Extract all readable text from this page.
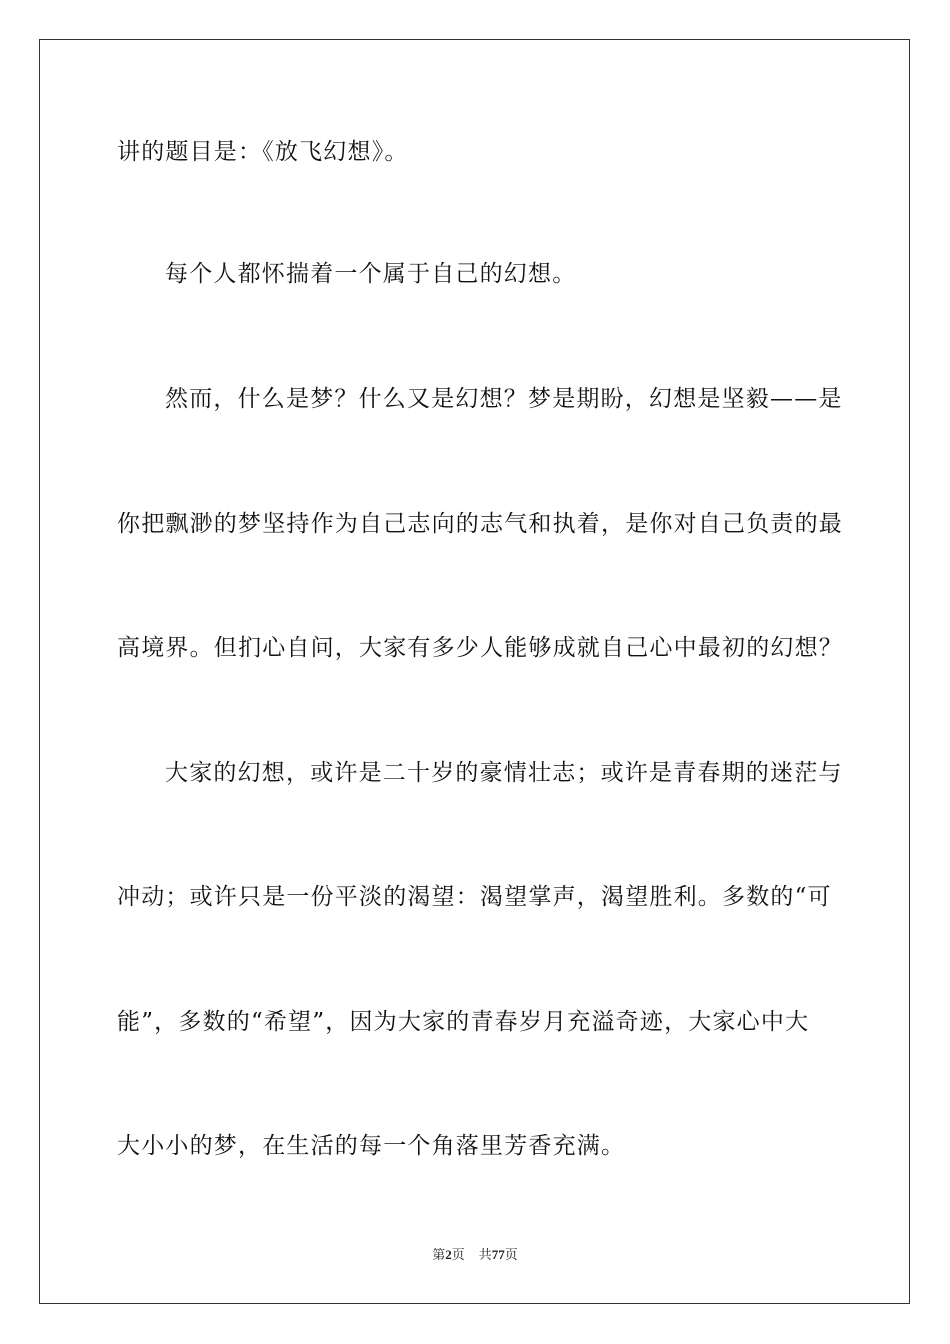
讲的题目是：《放飞幻想》。
每个人都怀揣着一个属于自己的幻想。
然而，什么是梦？什么又是幻想？梦是期盼，幻想是坚毅——是
你把飘渺的梦坚持作为自己志向的志气和执着，是你对自己负责的最
高境界。但扪心自问，大家有多少人能够成就自己心中最初的幻想？
大家的幻想，或许是二十岁的豪情壮志；或许是青春期的迷茫与
冲动；或许只是一份平淡的渴望：渴望掌声，渴望胜利。多数的“可
能”，多数的“希望”，因为大家的青春岁月充溢奇迹，大家心中大
大小小的梦，在生活的每一个角落里芳香充满。
第2页 共77页
